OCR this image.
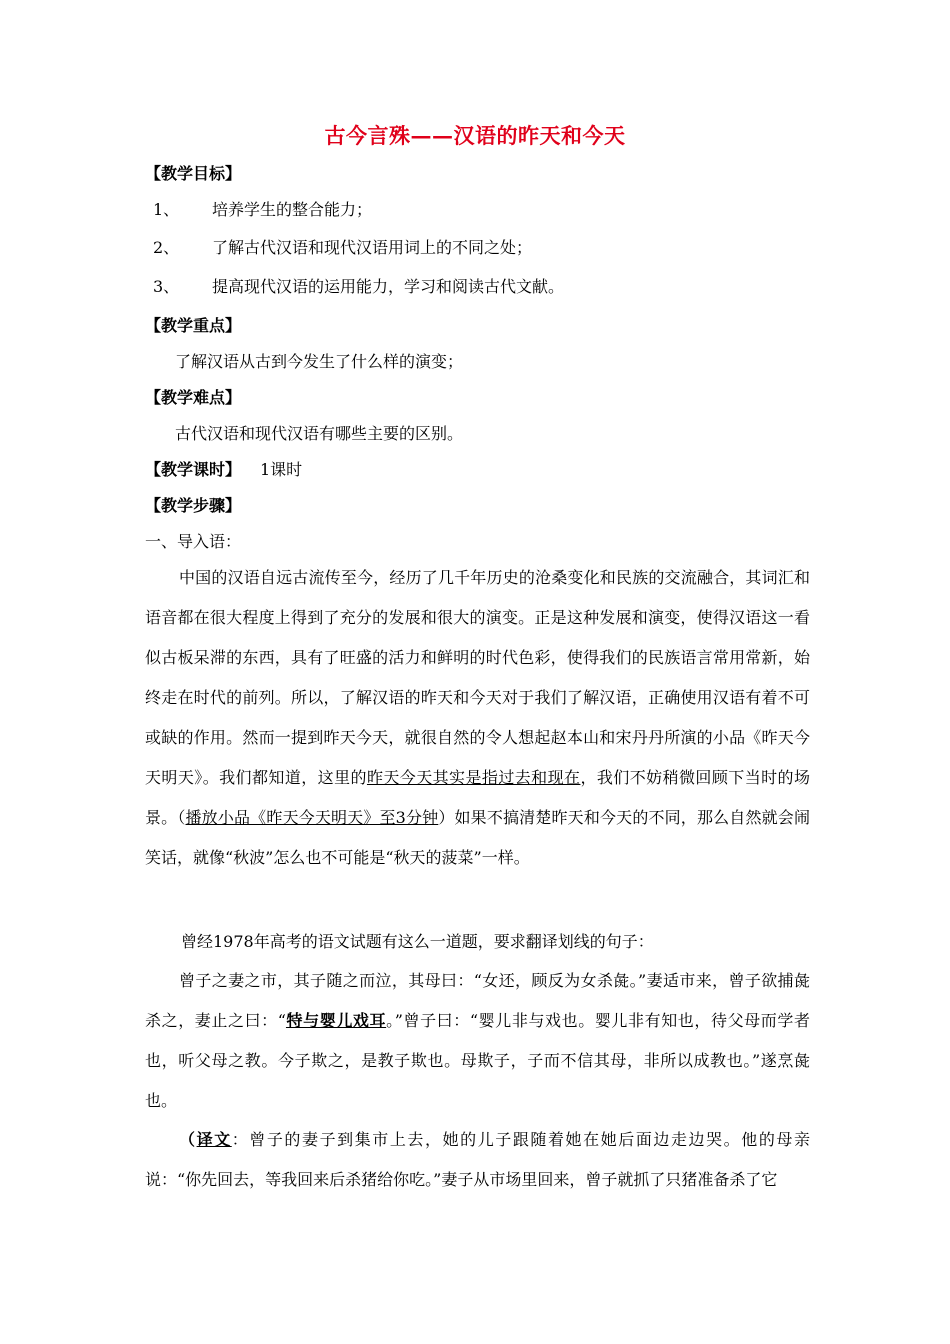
古今言殊——汉语的昨天和今天
【教学目标】
1、 培养学生的整合能力；
2、 了解古代汉语和现代汉语用词上的不同之处；
3、 提高现代汉语的运用能力，学习和阅读古代文献。
【教学重点】
了解汉语从古到今发生了什么样的演变；
【教学难点】
古代汉语和现代汉语有哪些主要的区别。
【教学课时】 1课时
【教学步骤】
一、导入语：

中国的汉语自远古流传至今，经历了几千年历史的沧桑变化和民族的交流融合，其词汇和语音都在很大程度上得到了充分的发展和很大的演变。正是这种发展和演变，使得汉语这一看似古板呆滞的东西，具有了旺盛的活力和鲜明的时代色彩，使得我们的民族语言常用常新，始终走在时代的前列。所以，了解汉语的昨天和今天对于我们了解汉语，正确使用汉语有着不可或缺的作用。然而一提到昨天今天，就很自然的令人想起赵本山和宋丹丹所演的小品《昨天今天明天》。我们都知道，这里的昨天今天其实是指过去和现在，我们不妨稍微回顾下当时的场景。（播放小品《昨天今天明天》至3分钟）如果不搞清楚昨天和今天的不同，那么自然就会闹笑话，就像“秋波”怎么也不可能是“秋天的菠菜”一样。

曾经1978年高考的语文试题有这么一道题，要求翻译划线的句子：

曾子之妻之市，其子随之而泣，其母曰：“女还，顾反为女杀彘。”妻适市来，曾子欲捕彘杀之，妻止之曰：“特与婴儿戏耳。”曾子曰：“婴儿非与戏也。婴儿非有知也，待父母而学者也，听父母之教。今子欺之，是教子欺也。母欺子，子而不信其母，非所以成教也。”遂烹彘也。

（译文：曾子的妻子到集市上去，她的儿子跟随着她在她后面边走边哭。他的母亲说：“你先回去，等我回来后杀猪给你吃。”妻子从市场里回来，曾子就抓了只猪准备杀了它
